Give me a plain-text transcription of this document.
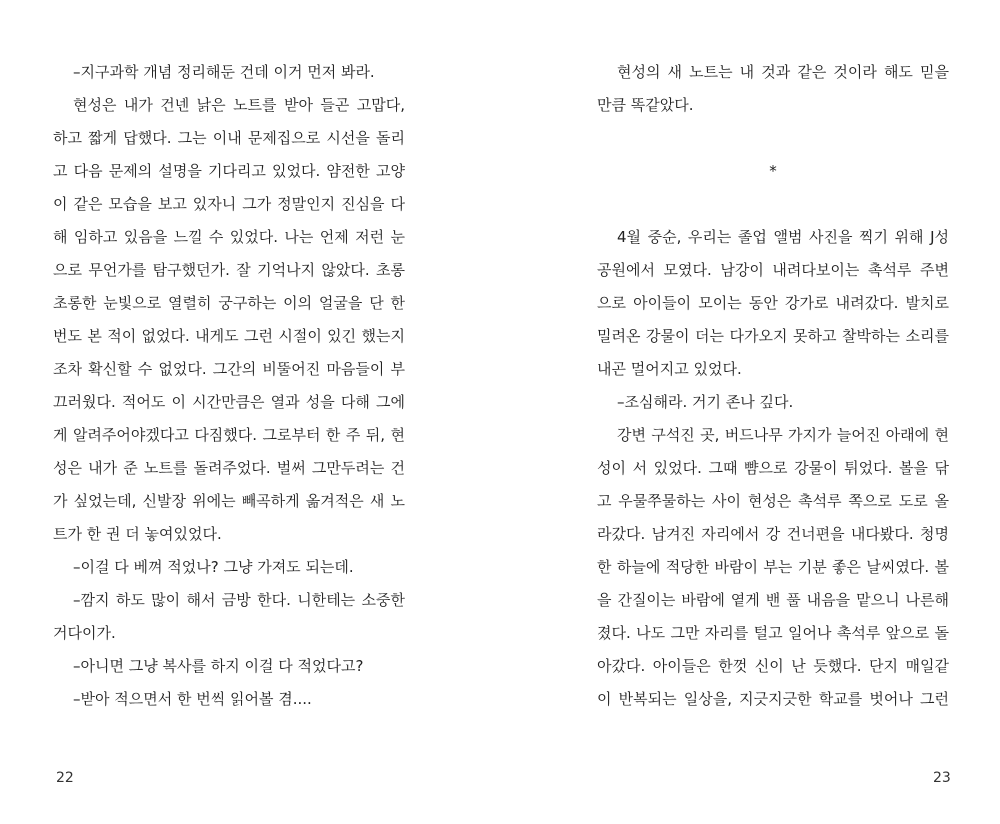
–지구과학 개념 정리해둔 건데 이거 먼저 봐라.
현성은 내가 건넨 낡은 노트를 받아 들곤 고맙다,
하고 짧게 답했다. 그는 이내 문제집으로 시선을 돌리
고 다음 문제의 설명을 기다리고 있었다. 얌전한 고양
이 같은 모습을 보고 있자니 그가 정말인지 진심을 다
해 임하고 있음을 느낄 수 있었다. 나는 언제 저런 눈
으로 무언가를 탐구했던가. 잘 기억나지 않았다. 초롱
초롱한 눈빛으로 열렬히 궁구하는 이의 얼굴을 단 한
번도 본 적이 없었다. 내게도 그런 시절이 있긴 했는지
조차 확신할 수 없었다. 그간의 비뚤어진 마음들이 부
끄러웠다. 적어도 이 시간만큼은 열과 성을 다해 그에
게 알려주어야겠다고 다짐했다. 그로부터 한 주 뒤, 현
성은 내가 준 노트를 돌려주었다. 벌써 그만두려는 건
가 싶었는데, 신발장 위에는 빼곡하게 옮겨적은 새 노
트가 한 권 더 놓여있었다.
–이걸 다 베껴 적었나? 그냥 가져도 되는데.
–깜지 하도 많이 해서 금방 한다. 니한테는 소중한
거다이가.
–아니면 그냥 복사를 하지 이걸 다 적었다고?
–받아 적으면서 한 번씩 읽어볼 겸....
현성의 새 노트는 내 것과 같은 것이라 해도 믿을
만큼 똑같았다.
*
4월 중순, 우리는 졸업 앨범 사진을 찍기 위해 J성
공원에서 모였다. 남강이 내려다보이는 촉석루 주변
으로 아이들이 모이는 동안 강가로 내려갔다. 발치로
밀려온 강물이 더는 다가오지 못하고 찰박하는 소리를
내곤 멀어지고 있었다.
–조심해라. 거기 존나 깊다.
강변 구석진 곳, 버드나무 가지가 늘어진 아래에 현
성이 서 있었다. 그때 뺨으로 강물이 튀었다. 볼을 닦
고 우물쭈물하는 사이 현성은 촉석루 쪽으로 도로 올
라갔다. 남겨진 자리에서 강 건너편을 내다봤다. 청명
한 하늘에 적당한 바람이 부는 기분 좋은 날씨였다. 볼
을 간질이는 바람에 옅게 밴 풀 내음을 맡으니 나른해
졌다. 나도 그만 자리를 털고 일어나 촉석루 앞으로 돌
아갔다. 아이들은 한껏 신이 난 듯했다. 단지 매일같
이 반복되는 일상을, 지긋지긋한 학교를 벗어나 그런
22	23
